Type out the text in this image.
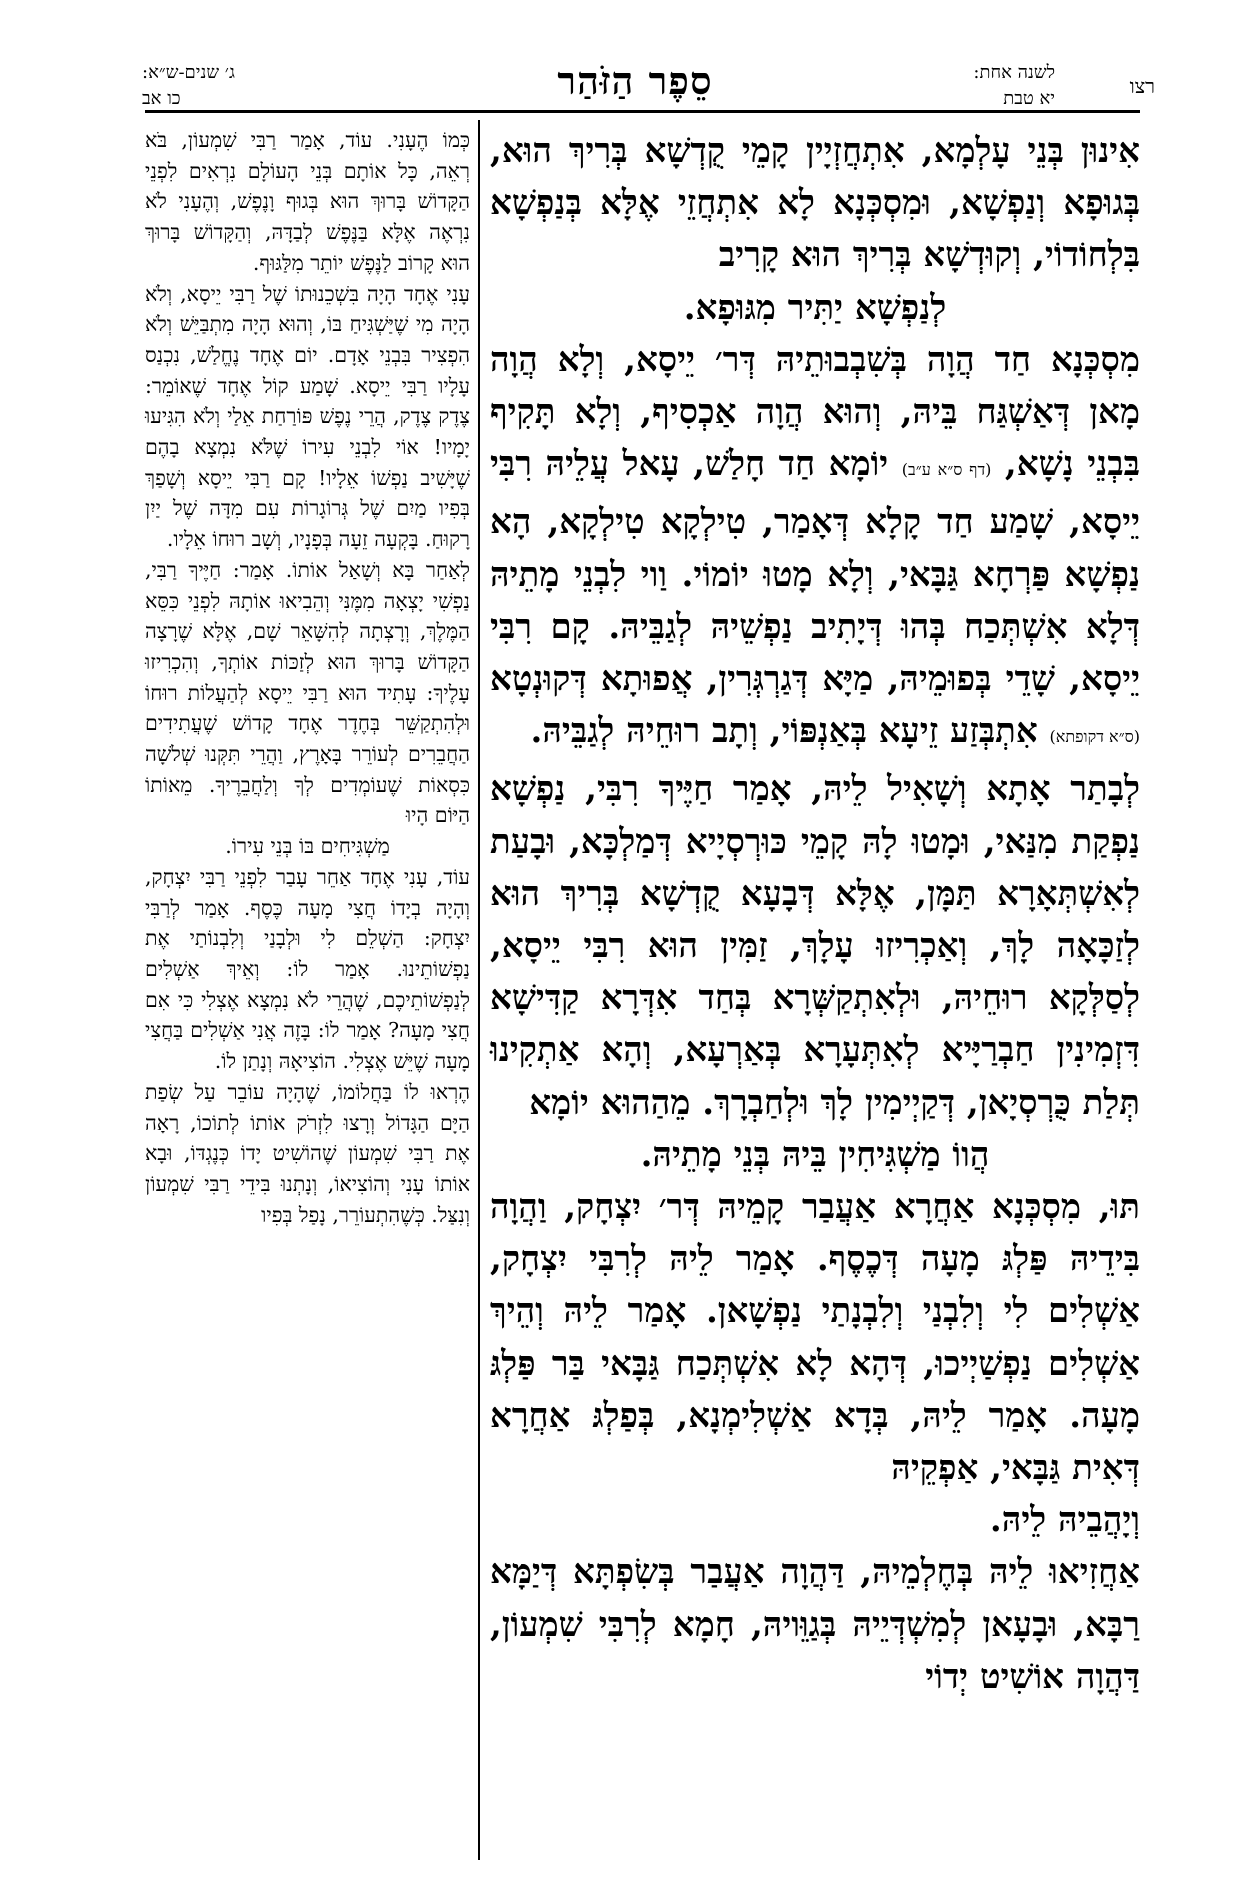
רצו
לשנה אחת:
יא טבת
סֵפֶר הַזֹּהַר
ג׳ שנים-ש״א:
כו אב

אִינוּן בְּנֵי עָלְמָא, אִתְחֲזְיָין קָמֵי קֻדְשָׁא בְּרִיךְ הוּא, בְּגוּפָא וְנַפְשָׁא, וּמִסְכְּנָא לָא אִתְחֲזֵי אֶלָּא בְּנַפְשָׁא בִּלְחוֹדוֹי, וְקוּדְשָׁא בְּרִיךְ הוּא קָרִיב

לְנַפְשָׁא יַתִּיר מִגּוּפָא.

מִסְכְּנָא חַד הֲוָה בְּשִׁבְבוּתֵיהּ דְּר׳ יֵיסָא, וְלָא הֲוָה מָאן דְּאַשְׁגַּח בֵּיהּ, וְהוּא הֲוָה אַכְסִיף, וְלָא תָּקִיף בִּבְנֵי נָשָׁא, (דף ס״א ע״ב) יוֹמָא חַד חָלַשׁ, עָאל עֲלֵיהּ רִבִּי יֵיסָא, שָׁמַע חַד קָלָא דְּאָמַר, טִילְקָא טִילְקָא, הָא נַפְשָׁא פַּרְחָא גַּבָּאי, וְלָא מָטוּ יוֹמוֹי. וַוי לִבְנֵי מָתֵיהּ דְּלָא אִשְׁתְּכַח בְּהוּ דְּיָתִיב נַפְשֵׁיהּ לְגַבֵּיהּ. קָם רִבִּי יֵיסָא, שָׁדֵי בְּפוּמֵיהּ, מַיָּא דְּגַרְגְּרִין, אֲפוּתָא דְּקוּנְטָא (ס״א דקופתא) אִתְבְּזַע זֵיעָא בְּאַנְפּוֹי, וְתָב רוּחֵיהּ לְגַבֵּיהּ.

לְבָתַר אָתָא וְשָׁאִיל לֵיהּ, אָמַר חַיֶּיךָ רִבִּי, נַפְשָׁא נַפְקַת מִנַּאי, וּמָטוּ לָהּ קָמֵי כּוּרְסְיָיא דְּמַלְכָּא, וּבָעַת לְאִשְׁתְּאָרָא תַּמָּן, אֶלָּא דְּבָעָא קֻדְשָׁא בְּרִיךְ הוּא לְזַכָּאָה לָךְ, וְאַכְרִיזוּ עָלָךְ, זַמִּין הוּא רִבִּי יֵיסָא, לְסַלְּקָא רוּחֵיהּ, וּלְאִתְקַשְּׁרָא בְּחַד אִדְּרָא קַדִּישָׁא דִּזְמִינִין חַבְרַיָּיא לְאִתְּעָרָא בְּאַרְעָא, וְהָא אַתְקִינוּ תְּלַת כֻּרְסְיָאן, דְּקַיְימִין לָךְ וּלְחַבְרָךְ. מֵהַהוּא יוֹמָא

הֲווֹ מַשְׁגִּיחִין בֵּיהּ בְּנֵי מָתֵיהּ.

תּוּ, מִסְכְּנָא אַחֲרָא אַעֲבַר קָמֵיהּ דְּר׳ יִצְחָק, וַהֲוָה בִּידֵיהּ פַּלְגּ מָעָה דְּכֶסֶף. אָמַר לֵיהּ לְרִבִּי יִצְחָק, אַשְׁלִים לִי וְלִבְנַי וְלִבְנָתַי נַפְשָׁאן. אָמַר לֵיהּ וְהֵיךְ אַשְׁלִים נַפְשַׁיְיכוּ, דְּהָא לָא אִשְׁתְּכַח גַּבָּאי בַּר פַּלְגּ מָעָה. אָמַר לֵיהּ, בְּדָא אַשְׁלִימְנָא, בְּפַלְגּ אַחֲרָא דְּאִית גַּבָּאי, אַפְקֵיהּ

וְיָהֲבֵיהּ לֵיהּ.

אַחֲזִיאוּ לֵיהּ בְּחֶלְמֵיהּ, דַּהֲוָה אַעֲבַר בְּשִׂפְתָּא דְּיַמָּא רַבָּא, וּבָעָאן לְמִשְׁדְּיֵיהּ בְּגַוֵּויהּ, חָמָא לְרִבִּי שִׁמְעוֹן, דַּהֲוָה אוֹשִׁיט יְדוֹי

כְּמוֹ הֶעָנִי. עוֹד, אָמַר רַבִּי שִׁמְעוֹן, בֹּא רְאֵה, כָּל אוֹתָם בְּנֵי הָעוֹלָם נִרְאִים לִפְנֵי הַקָּדוֹשׁ בָּרוּךְ הוּא בְּגוּף וָנֶפֶשׁ, וְהֶעָנִי לֹא נִרְאֶה אֶלָּא בַּנֶּפֶשׁ לְבַדָּהּ, וְהַקָּדוֹשׁ בָּרוּךְ הוּא קָרוֹב לַנֶּפֶשׁ יוֹתֵר מִלַּגּוּף.

עָנִי אֶחָד הָיָה בִּשְׁכֵנוּתוֹ שֶׁל רַבִּי יֵיסָא, וְלֹא הָיָה מִי שֶׁיַּשְׁגִּיחַ בּוֹ, וְהוּא הָיָה מִתְבַּיֵּשׁ וְלֹא הִפְצִיר בִּבְנֵי אָדָם. יוֹם אֶחָד נֶחֱלַשׁ, נִכְנַס עָלָיו רַבִּי יֵיסָא. שָׁמַע קוֹל אֶחָד שֶׁאוֹמֵר: צֶדֶק צֶדֶק, הֲרֵי נֶפֶשׁ פּוֹרַחַת אֵלַי וְלֹא הִגִּיעוּ יָמָיו! אוֹי לִבְנֵי עִירוֹ שֶׁלֹּא נִמְצָא בָהֶם שֶׁיָּשִׁיב נַפְשׁוֹ אֵלָיו! קָם רַבִּי יֵיסָא וְשָׁפַךְ בְּפִיו מַיִם שֶׁל גְּרוֹגָרוֹת עִם מִדָּה שֶׁל יַיִן רָקוּחַ. בָּקְעָה זֵעָה בְּפָנָיו, וְשָׁב רוּחוֹ אֵלָיו.

לְאַחַר בָּא וְשָׁאַל אוֹתוֹ. אָמַר: חַיֶּיךָ רַבִּי, נַפְשִׁי יָצְאָה מִמֶּנִּי וְהֵבִיאוּ אוֹתָהּ לִפְנֵי כִּסֵּא הַמֶּלֶךְ, וְרָצְתָה לְהִשָּׁאֵר שָׁם, אֶלָּא שֶׁרָצָה הַקָּדוֹשׁ בָּרוּךְ הוּא לְזַכּוֹת אוֹתְךָ, וְהִכְרִיזוּ עָלֶיךָ: עָתִיד הוּא רַבִּי יֵיסָא לְהַעֲלוֹת רוּחוֹ וּלְהִתְקַשֵּׁר בְּחֶדֶר אֶחָד קָדוֹשׁ שֶׁעֲתִידִים הַחֲבֵרִים לְעוֹרֵר בָּאָרֶץ, וַהֲרֵי תִּקְּנוּ שְׁלֹשָׁה כִּסְאוֹת שֶׁעוֹמְדִים לְךָ וְלַחֲבֵרֶיךָ. מֵאוֹתוֹ הַיּוֹם הָיוּ

מַשְׁגִּיחִים בּוֹ בְּנֵי עִירוֹ.

עוֹד, עָנִי אֶחָד אַחֵר עָבַר לִפְנֵי רַבִּי יִצְחָק, וְהָיָה בְיָדוֹ חֲצִי מָעָה כֶּסֶף. אָמַר לְרַבִּי יִצְחָק: הַשְׁלֵם לִי וּלְבָנַי וְלִבְנוֹתַי אֶת נַפְשׁוֹתֵינוּ. אָמַר לוֹ: וְאֵיךְ אַשְׁלִים לְנַפְשׁוֹתֵיכֶם, שֶׁהֲרֵי לֹא נִמְצָא אֶצְלִי כִּי אִם חֲצִי מָעָה? אָמַר לוֹ: בָּזֶה אֲנִי אַשְׁלִים בַּחֲצִי מָעָה שֶׁיֵּשׁ אֶצְלִי. הוֹצִיאָהּ וְנָתַן לוֹ.

הֶרְאוּ לוֹ בַּחֲלוֹמוֹ, שֶׁהָיָה עוֹבֵר עַל שְׂפַת הַיָּם הַגָּדוֹל וְרָצוּ לִזְרֹק אוֹתוֹ לְתוֹכוֹ, רָאָה אֶת רַבִּי שִׁמְעוֹן שֶׁהוֹשִׁיט יָדוֹ כְּנֶגְדּוֹ, וּבָא אוֹתוֹ עָנִי וְהוֹצִיאוֹ, וְנָתְנוּ בִּידֵי רַבִּי שִׁמְעוֹן וְנִצַּל. כְּשֶׁהִתְעוֹרֵר, נָפַל בְּפִיו
